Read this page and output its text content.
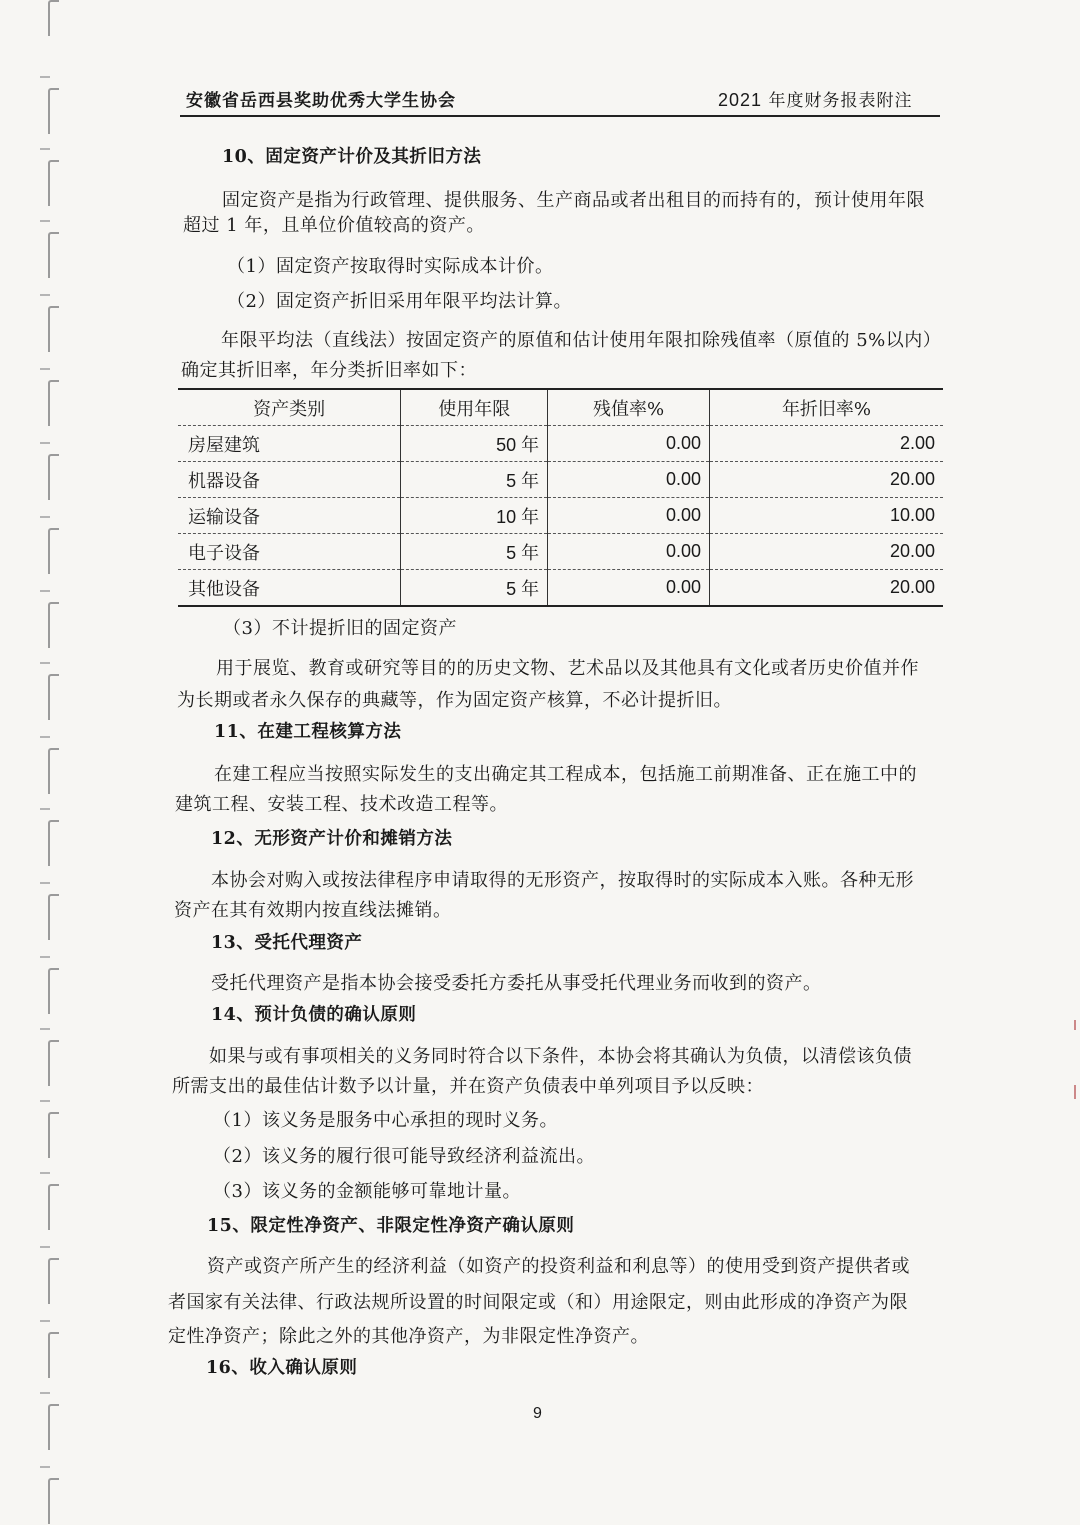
安徽省岳西县奖助优秀大学生协会	2021 年度财务报表附注
10、固定资产计价及其折旧方法
固定资产是指为行政管理、提供服务、生产商品或者出租目的而持有的，预计使用年限
超过 1 年，且单位价值较高的资产。
（1）固定资产按取得时实际成本计价。
（2）固定资产折旧采用年限平均法计算。
年限平均法（直线法）按固定资产的原值和估计使用年限扣除残值率（原值的 5%以内）
确定其折旧率，年分类折旧率如下：
资产类别	使用年限	残值率%	年折旧率%
房屋建筑	50 年	0.00	2.00
机器设备	5 年	0.00	20.00
运输设备	10 年	0.00	10.00
电子设备	5 年	0.00	20.00
其他设备	5 年	0.00	20.00
（3）不计提折旧的固定资产
用于展览、教育或研究等目的的历史文物、艺术品以及其他具有文化或者历史价值并作
为长期或者永久保存的典藏等，作为固定资产核算，不必计提折旧。
11、在建工程核算方法
在建工程应当按照实际发生的支出确定其工程成本，包括施工前期准备、正在施工中的
建筑工程、安装工程、技术改造工程等。
12、无形资产计价和摊销方法
本协会对购入或按法律程序申请取得的无形资产，按取得时的实际成本入账。各种无形
资产在其有效期内按直线法摊销。
13、受托代理资产
受托代理资产是指本协会接受委托方委托从事受托代理业务而收到的资产。
14、预计负债的确认原则
如果与或有事项相关的义务同时符合以下条件，本协会将其确认为负债，以清偿该负债
所需支出的最佳估计数予以计量，并在资产负债表中单列项目予以反映：
（1）该义务是服务中心承担的现时义务。
（2）该义务的履行很可能导致经济利益流出。
（3）该义务的金额能够可靠地计量。
15、限定性净资产、非限定性净资产确认原则
资产或资产所产生的经济利益（如资产的投资利益和利息等）的使用受到资产提供者或
者国家有关法律、行政法规所设置的时间限定或（和）用途限定，则由此形成的净资产为限
定性净资产；除此之外的其他净资产，为非限定性净资产。
16、收入确认原则
9
